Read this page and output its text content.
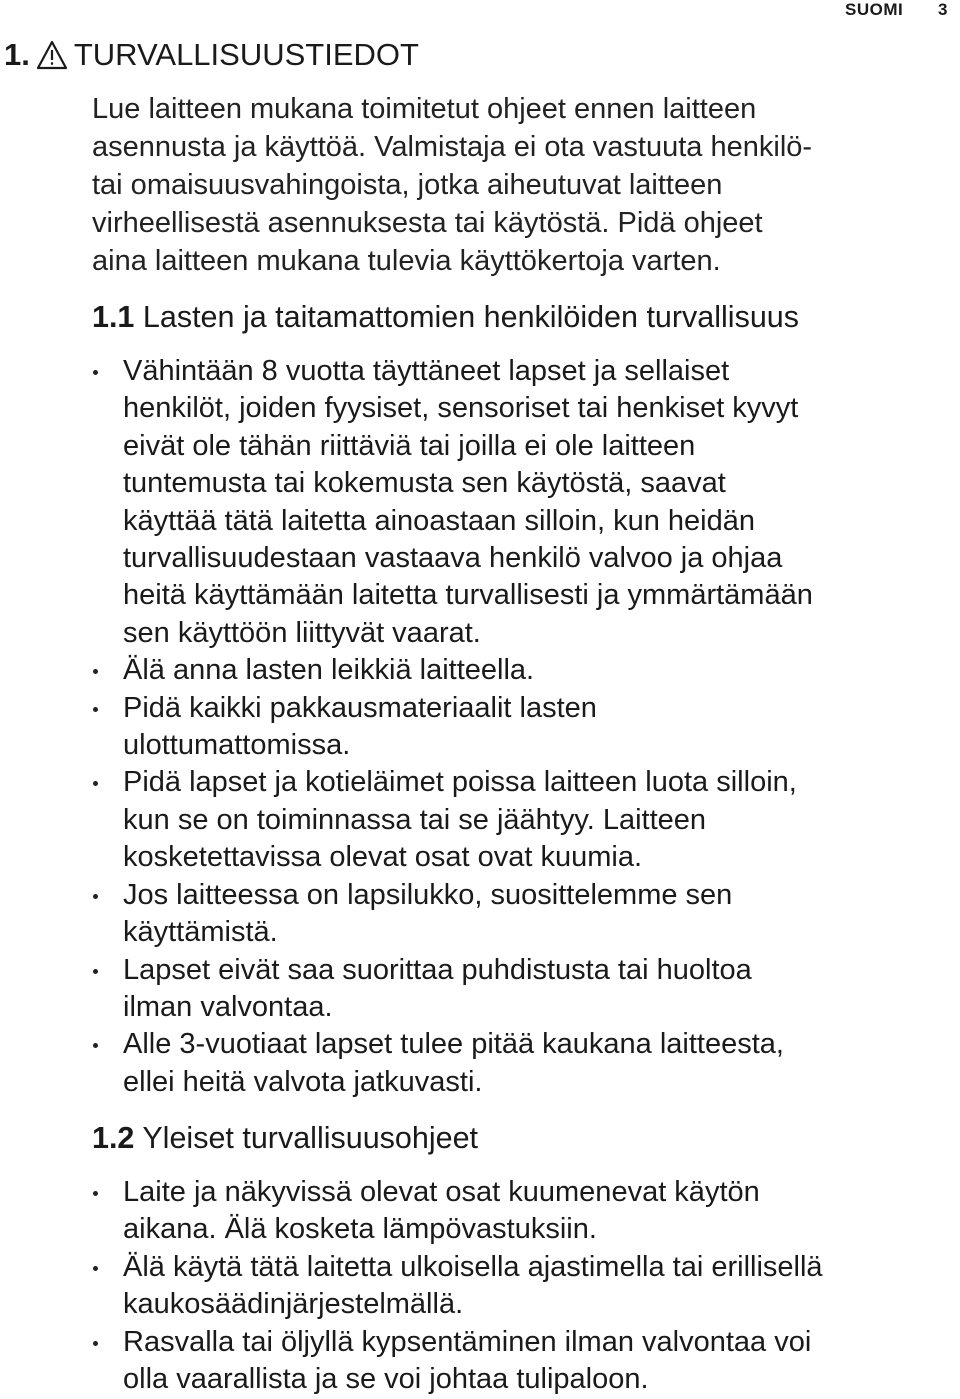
SUOMI 3
1. TURVALLISUUSTIEDOT
Lue laitteen mukana toimitetut ohjeet ennen laitteen
asennusta ja käyttöä. Valmistaja ei ota vastuuta henkilö-
tai omaisuusvahingoista, jotka aiheutuvat laitteen
virheellisestä asennuksesta tai käytöstä. Pidä ohjeet
aina laitteen mukana tulevia käyttökertoja varten.
1.1 Lasten ja taitamattomien henkilöiden turvallisuus
Vähintään 8 vuotta täyttäneet lapset ja sellaiset
henkilöt, joiden fyysiset, sensoriset tai henkiset kyvyt
eivät ole tähän riittäviä tai joilla ei ole laitteen
tuntemusta tai kokemusta sen käytöstä, saavat
käyttää tätä laitetta ainoastaan silloin, kun heidän
turvallisuudestaan vastaava henkilö valvoo ja ohjaa
heitä käyttämään laitetta turvallisesti ja ymmärtämään
sen käyttöön liittyvät vaarat.
Älä anna lasten leikkiä laitteella.
Pidä kaikki pakkausmateriaalit lasten
ulottumattomissa.
Pidä lapset ja kotieläimet poissa laitteen luota silloin,
kun se on toiminnassa tai se jäähtyy. Laitteen
kosketettavissa olevat osat ovat kuumia.
Jos laitteessa on lapsilukko, suosittelemme sen
käyttämistä.
Lapset eivät saa suorittaa puhdistusta tai huoltoa
ilman valvontaa.
Alle 3-vuotiaat lapset tulee pitää kaukana laitteesta,
ellei heitä valvota jatkuvasti.
1.2 Yleiset turvallisuusohjeet
Laite ja näkyvissä olevat osat kuumenevat käytön
aikana. Älä kosketa lämpövastuksiin.
Älä käytä tätä laitetta ulkoisella ajastimella tai erillisellä
kaukosäädinjärjestelmällä.
Rasvalla tai öljyllä kypsentäminen ilman valvontaa voi
olla vaarallista ja se voi johtaa tulipaloon.
